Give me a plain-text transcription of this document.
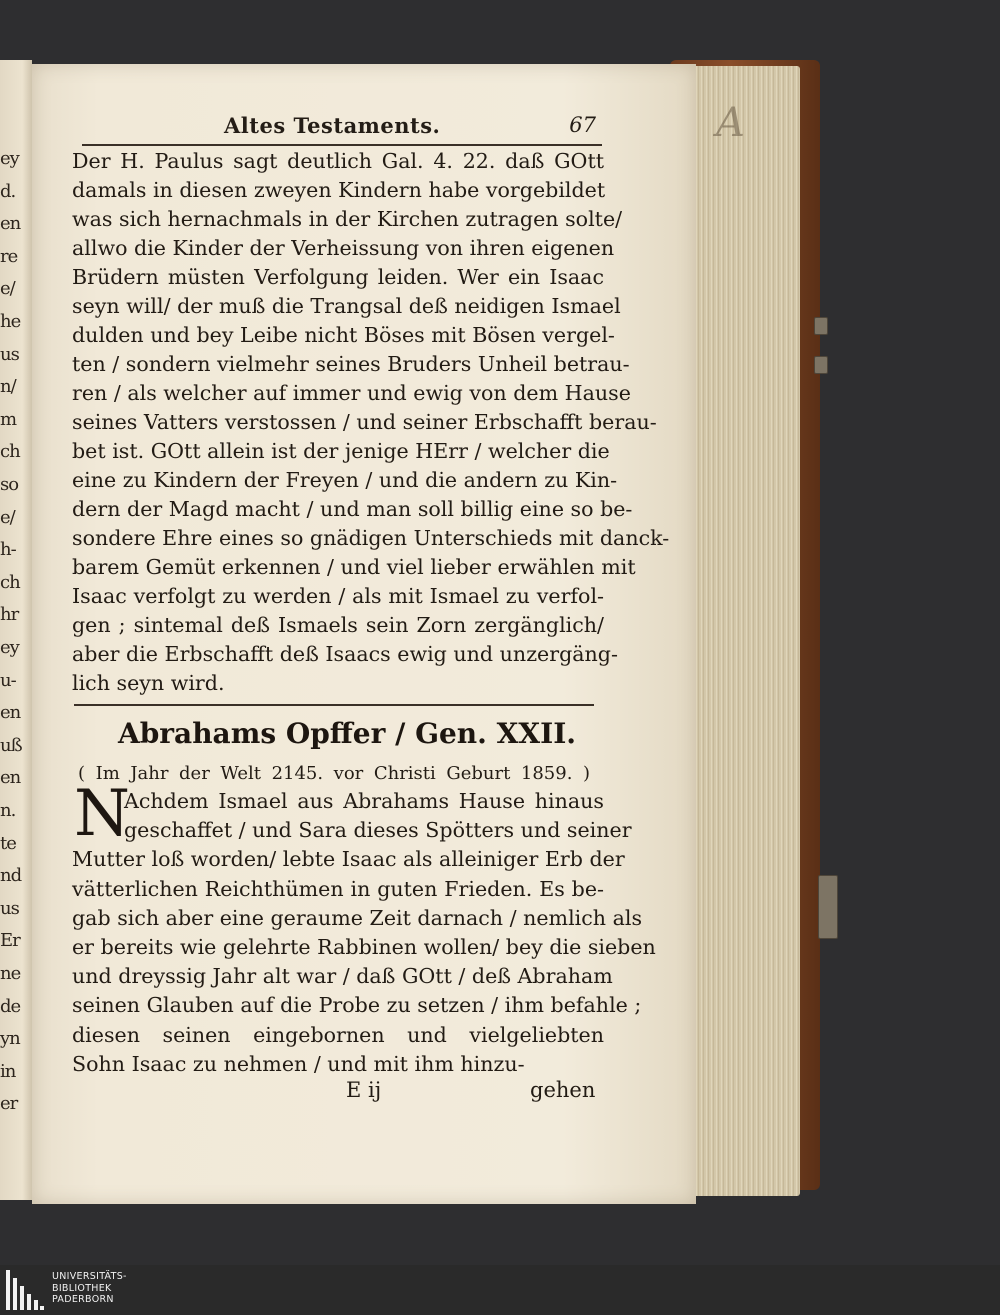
A
ey
d.
en
re
e/
he
us
n/
m
ch
so
e/
h-
ch
hr
ey
u-
en
uß
en
n.
te
nd
us
Er
ne
de
yn
in
er
Altes Testaments.	67
Der H. Paulus sagt deutlich Gal. 4. 22. daß GOtt
damals in diesen zweyen Kindern habe vorgebildet
was sich hernachmals in der Kirchen zutragen solte/
allwo die Kinder der Verheissung von ihren eigenen
Brüdern müsten Verfolgung leiden. Wer ein Isaac
seyn will/ der muß die Trangsal deß neidigen Ismael
dulden und bey Leibe nicht Böses mit Bösen vergel-
ten / sondern vielmehr seines Bruders Unheil betrau-
ren / als welcher auf immer und ewig von dem Hause
seines Vatters verstossen / und seiner Erbschafft berau-
bet ist. GOtt allein ist der jenige HErr / welcher die
eine zu Kindern der Freyen / und die andern zu Kin-
dern der Magd macht / und man soll billig eine so be-
sondere Ehre eines so gnädigen Unterschieds mit danck-
barem Gemüt erkennen / und viel lieber erwählen mit
Isaac verfolgt zu werden / als mit Ismael zu verfol-
gen ; sintemal deß Ismaels sein Zorn zergänglich/
aber die Erbschafft deß Isaacs ewig und unzergäng-
lich seyn wird.
Abrahams Opffer / Gen. XXII.
( Im Jahr der Welt 2145. vor Christi Geburt 1859. )
N
Achdem Ismael aus Abrahams Hause hinaus
geschaffet / und Sara dieses Spötters und seiner
Mutter loß worden/ lebte Isaac als alleiniger Erb der
vätterlichen Reichthümen in guten Frieden. Es be-
gab sich aber eine geraume Zeit darnach / nemlich als
er bereits wie gelehrte Rabbinen wollen/ bey die sieben
und dreyssig Jahr alt war / daß GOtt / deß Abraham
seinen Glauben auf die Probe zu setzen / ihm befahle ;
diesen seinen eingebornen und vielgeliebten
Sohn Isaac zu nehmen / und mit ihm hinzu-
E ij	gehen
UNIVERSITÄTS-
BIBLIOTHEK
PADERBORN
